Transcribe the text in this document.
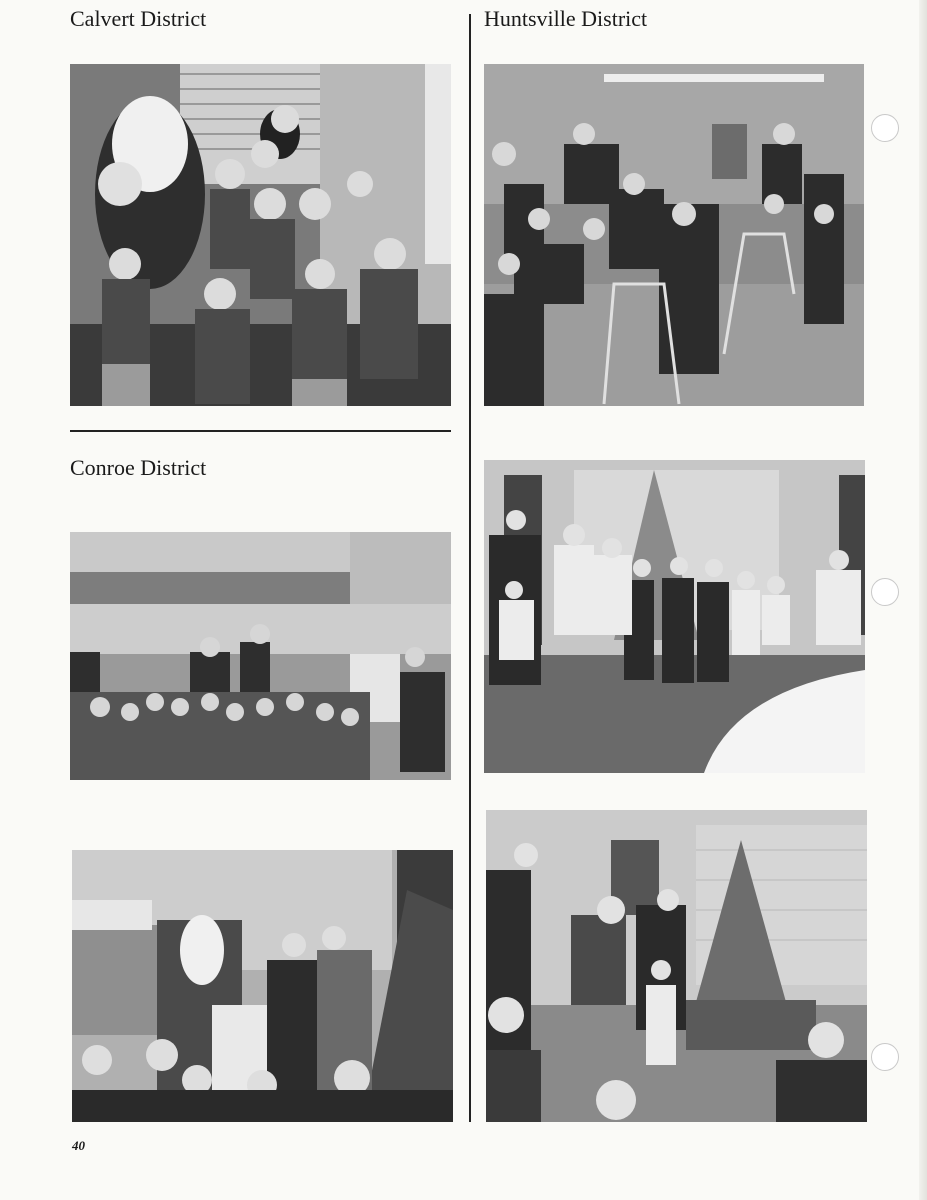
Calvert District	Huntsville District
Conroe District
40
